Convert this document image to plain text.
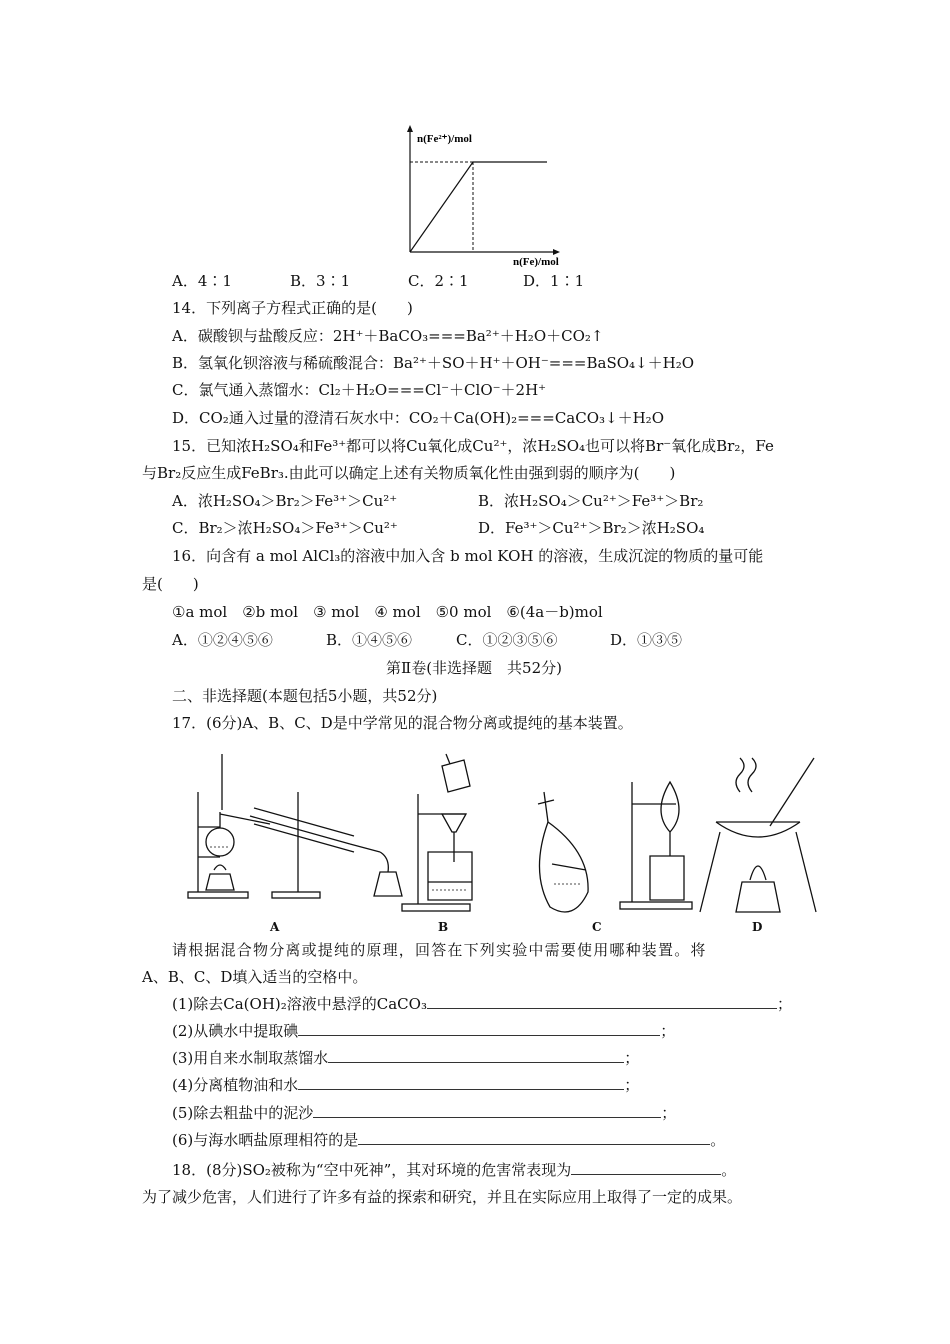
n(Fe²⁺)/mol
n(Fe)/mol
A．4∶1	B．3∶1	C．2∶1	D．1∶1
14．下列离子方程式正确的是(　　)
A．碳酸钡与盐酸反应：2H⁺＋BaCO₃===Ba²⁺＋H₂O＋CO₂↑
B．氢氧化钡溶液与稀硫酸混合：Ba²⁺＋SO＋H⁺＋OH⁻===BaSO₄↓＋H₂O
C．氯气通入蒸馏水：Cl₂＋H₂O===Cl⁻＋ClO⁻＋2H⁺
D．CO₂通入过量的澄清石灰水中：CO₂＋Ca(OH)₂===CaCO₃↓＋H₂O
15．已知浓H₂SO₄和Fe³⁺都可以将Cu氧化成Cu²⁺，浓H₂SO₄也可以将Br⁻氧化成Br₂，Fe
与Br₂反应生成FeBr₃.由此可以确定上述有关物质氧化性由强到弱的顺序为(　　)
A．浓H₂SO₄＞Br₂＞Fe³⁺＞Cu²⁺	B．浓H₂SO₄＞Cu²⁺＞Fe³⁺＞Br₂
C．Br₂＞浓H₂SO₄＞Fe³⁺＞Cu²⁺	D．Fe³⁺＞Cu²⁺＞Br₂＞浓H₂SO₄
16．向含有 a mol AlCl₃的溶液中加入含 b mol KOH 的溶液，生成沉淀的物质的量可能
是(　　)
①a mol　②b mol　③ mol　④ mol　⑤0 mol　⑥(4a－b)mol
A．①②④⑤⑥	B．①④⑤⑥	C．①②③⑤⑥	D．①③⑤
第Ⅱ卷(非选择题　共52分)
二、非选择题(本题包括5小题，共52分)
17．(6分)A、B、C、D是中学常见的混合物分离或提纯的基本装置。
A	B	C	D
请根据混合物分离或提纯的原理，回答在下列实验中需要使用哪种装置。将
A、B、C、D填入适当的空格中。
(1)除去Ca(OH)₂溶液中悬浮的CaCO₃	；
(2)从碘水中提取碘	；
(3)用自来水制取蒸馏水	；
(4)分离植物油和水	；
(5)除去粗盐中的泥沙	；
(6)与海水晒盐原理相符的是	。
18．(8分)SO₂被称为“空中死神”，其对环境的危害常表现为	。
为了减少危害，人们进行了许多有益的探索和研究，并且在实际应用上取得了一定的成果。
